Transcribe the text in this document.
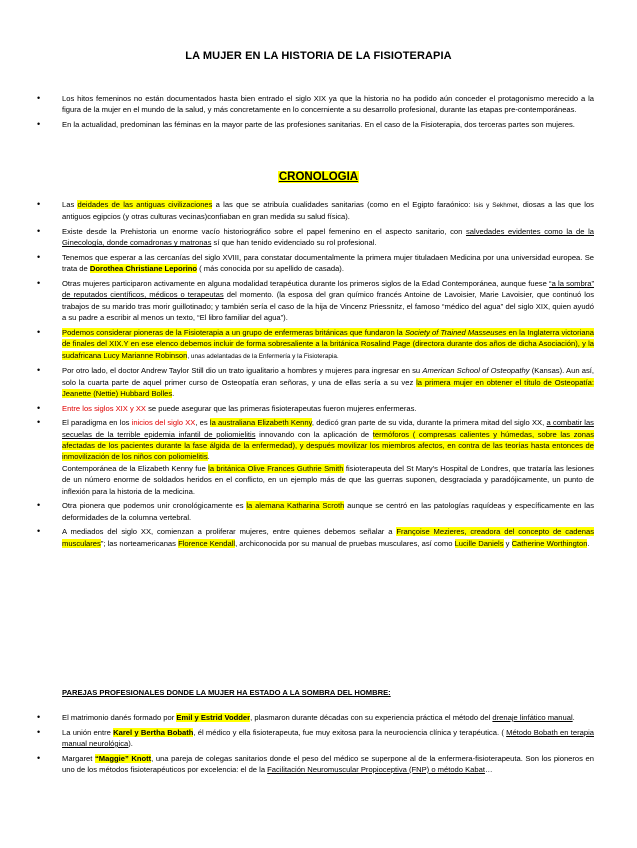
LA MUJER EN LA HISTORIA DE LA FISIOTERAPIA
• Los hitos femeninos no están documentados hasta bien entrado el siglo XIX ya que la historia no ha podido aún conceder el protagonismo merecido a la figura de la mujer en el mundo de la salud, y más concretamente en lo concerniente a su desarrollo profesional, durante las etapas pre-contemporáneas.
• En la actualidad, predominan las féminas en la mayor parte de las profesiones sanitarias. En el caso de la Fisioterapia, dos terceras partes son mujeres.
CRONOLOGIA
• Las deidades de las antiguas civilizaciones a las que se atribuía cualidades sanitarias (como en el Egipto faraónico: Isis y Sekhmet, diosas a las que los antiguos egipcios (y otras culturas vecinas)confiaban en gran medida su salud física).
• Existe desde la Prehistoria un enorme vacío historiográfico sobre el papel femenino en el aspecto sanitario, con salvedades evidentes como la de la Ginecología, donde comadronas y matronas sí que han tenido evidenciado su rol profesional.
• Tenemos que esperar a las cercanías del siglo XVIII, para constatar documentalmente la primera mujer tituladaen Medicina por una universidad europea. Se trata de Dorothea Christiane Leporino ( más conocida por su apellido de casada).
• Otras mujeres participaron activamente en alguna modalidad terapéutica durante los primeros siglos de la Edad Contemporánea, aunque fuese “a la sombra” de reputados científicos, médicos o terapeutas del momento. (la esposa del gran químico francés Antoine de Lavoisier, Marie Lavoisier, que continuó los trabajos de su marido tras morir guillotinado; y también sería el caso de la hija de Vincenz Priessnitz, el famoso “médico del agua” del siglo XIX, quien ayudó a su padre a escribir al menos un texto, “El libro familiar del agua”).
• Podemos considerar pioneras de la Fisioterapia a un grupo de enfermeras británicas que fundaron la Society of Trained Masseuses en la Inglaterra victoriana de finales del XIX.Y en ese elenco debemos incluir de forma sobresaliente a la británica Rosalind Page (directora durante dos años de dicha Asociación), y la sudafricana Lucy Marianne Robinson, unas adelantadas de la Enfermería y la Fisioterapia.
• Por otro lado, el doctor Andrew Taylor Still dio un trato igualitario a hombres y mujeres para ingresar en su American School of Osteopathy (Kansas). Aun así, solo la cuarta parte de aquel primer curso de Osteopatía eran señoras, y una de ellas sería a su vez la primera mujer en obtener el título de Osteopatía: Jeanette (Nettie) Hubbard Bolles.
• Entre los siglos XIX y XX se puede asegurar que las primeras fisioterapeutas fueron mujeres enfermeras.
• El paradigma en los inicios del siglo XX, es la australiana Elizabeth Kenny, dedicó gran parte de su vida, durante la primera mitad del siglo XX, a combatir las secuelas de la terrible epidemia infantil de poliomielitis innovando con la aplicación de termóforos ( compresas calientes y húmedas, sobre las zonas afectadas de los pacientes durante la fase álgida de la enfermedad), y después movilizar los miembros afectos, en contra de las teorías hasta entonces de inmovilización de los niños con poliomielitis.
Contemporánea de la Elizabeth Kenny fue la británica Olive Frances Guthrie Smith fisioterapeuta del St Mary's Hospital de Londres, que trataría las lesiones de un número enorme de soldados heridos en el conflicto, en un ejemplo más de que las guerras suponen, desgraciada y paradójicamente, un punto de inflexión para la historia de la medicina.
• Otra pionera que podemos unir cronológicamente es la alemana Katharina Scroth aunque se centró en las patologías raquídeas y específicamente en las deformidades de la columna vertebral.
• A mediados del siglo XX, comienzan a proliferar mujeres, entre quienes debemos señalar a Françoise Mezieres, creadora del concepto de cadenas musculares”; las norteamericanas Florence Kendall, archiconocida por su manual de pruebas musculares, así como Lucille Daniels y Catherine Worthington.
PAREJAS PROFESIONALES DONDE LA MUJER HA ESTADO A LA SOMBRA DEL HOMBRE:
• El matrimonio danés formado por Emil y Estrid Vodder, plasmaron durante décadas con su experiencia práctica el método del drenaje linfático manual.
• La unión entre Karel y Bertha Bobath, él médico y ella fisioterapeuta, fue muy exitosa para la neurociencia clínica y terapéutica. ( Método Bobath en terapia manual neurológica).
• Margaret “Maggie” Knott, una pareja de colegas sanitarios donde el peso del médico se superpone al de la enfermera-fisioterapeuta. Son los pioneros en uno de los métodos fisioterapéuticos por excelencia: el de la Facilitación Neuromuscular Propioceptiva (FNP) o método Kabat…
